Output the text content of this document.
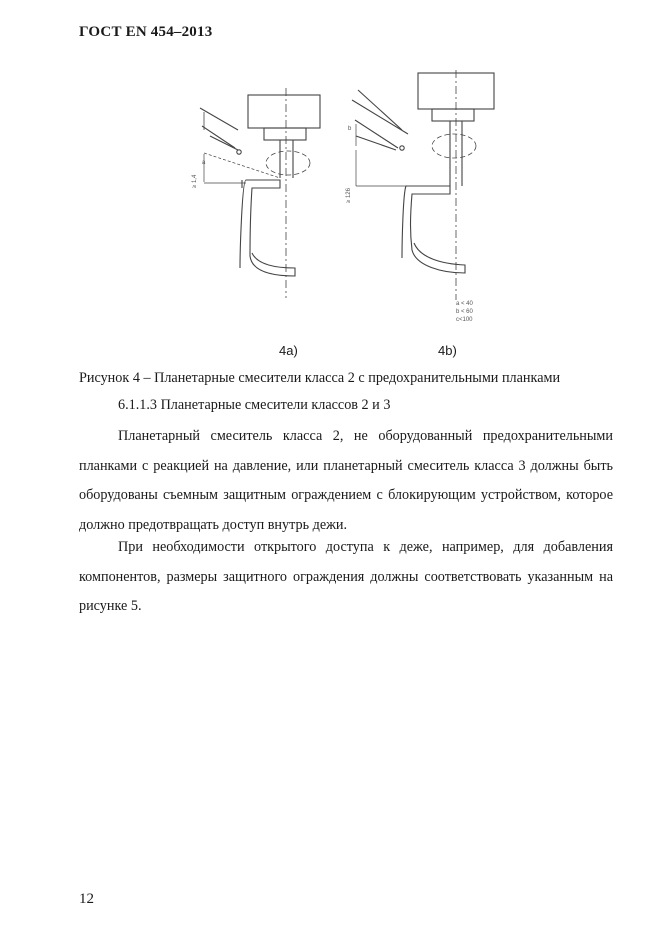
ГОСТ EN 454–2013
≥ 1,4
a
≥ 126
b
a < 40
b < 60
c<100
4a)	4b)
Рисунок 4 – Планетарные смесители класса 2 с предохранительными планками
6.1.1.3 Планетарные смесители классов 2 и 3

Планетарный смеситель класса 2, не оборудованный предохранительными планками с реакцией на давление, или планетарный смеситель класса 3 должны быть оборудованы съемным защитным ограждением с блокирующим устройством, которое должно предотвращать доступ внутрь дежи.

При необходимости открытого доступа к деже, например, для добавления компонентов, размеры защитного ограждения должны соответствовать указанным на рисунке 5.

12
